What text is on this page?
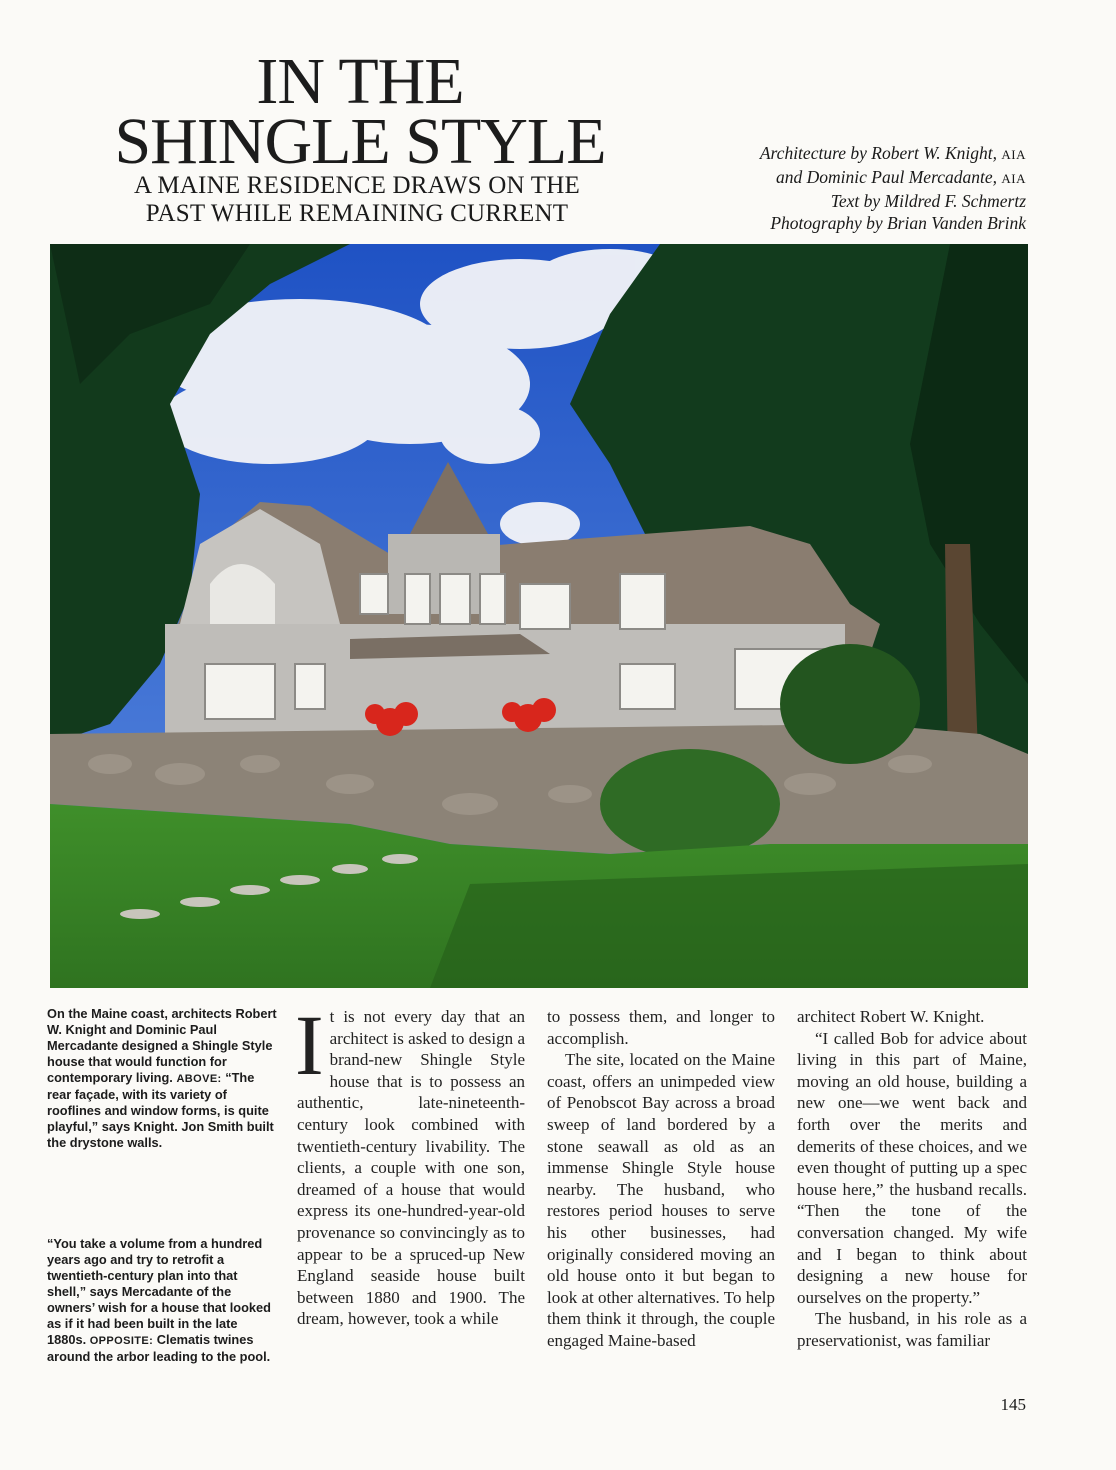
IN THE
SHINGLE STYLE
A MAINE RESIDENCE DRAWS ON THE
PAST WHILE REMAINING CURRENT
Architecture by Robert W. Knight, AIA
and Dominic Paul Mercadante, AIA
Text by Mildred F. Schmertz
Photography by Brian Vanden Brink
On the Maine coast, architects Robert W. Knight and Dominic Paul Mercadante designed a Shingle Style house that would function for contemporary living. ABOVE: “The rear façade, with its variety of rooflines and window forms, is quite playful,” says Knight. Jon Smith built the drystone walls.
“You take a volume from a hundred years ago and try to retrofit a twentieth-century plan into that shell,” says Mercadante of the owners’ wish for a house that looked as if it had been built in the late 1880s. OPPOSITE: Clematis twines around the arbor leading to the pool.
I t is not every day that an architect is asked to design a brand-new Shingle Style house that is to possess an authentic, late-nineteenth-century look combined with twentieth-century livability. The clients, a couple with one son, dreamed of a house that would express its one-hundred-year-old provenance so convincingly as to appear to be a spruced-up New England seaside house built between 1880 and 1900. The dream, however, took a while

to possess them, and longer to accomplish.

The site, located on the Maine coast, offers an unimpeded view of Penobscot Bay across a broad sweep of land bordered by a stone seawall as old as an immense Shingle Style house nearby. The husband, who restores period houses to serve his other businesses, had originally considered moving an old house onto it but began to look at other alternatives. To help them think it through, the couple engaged Maine-based

architect Robert W. Knight.

“I called Bob for advice about living in this part of Maine, moving an old house, building a new one—we went back and forth over the merits and demerits of these choices, and we even thought of putting up a spec house here,” the husband recalls. “Then the tone of the conversation changed. My wife and I began to think about designing a new house for ourselves on the property.”

The husband, in his role as a preservationist, was familiar

145
